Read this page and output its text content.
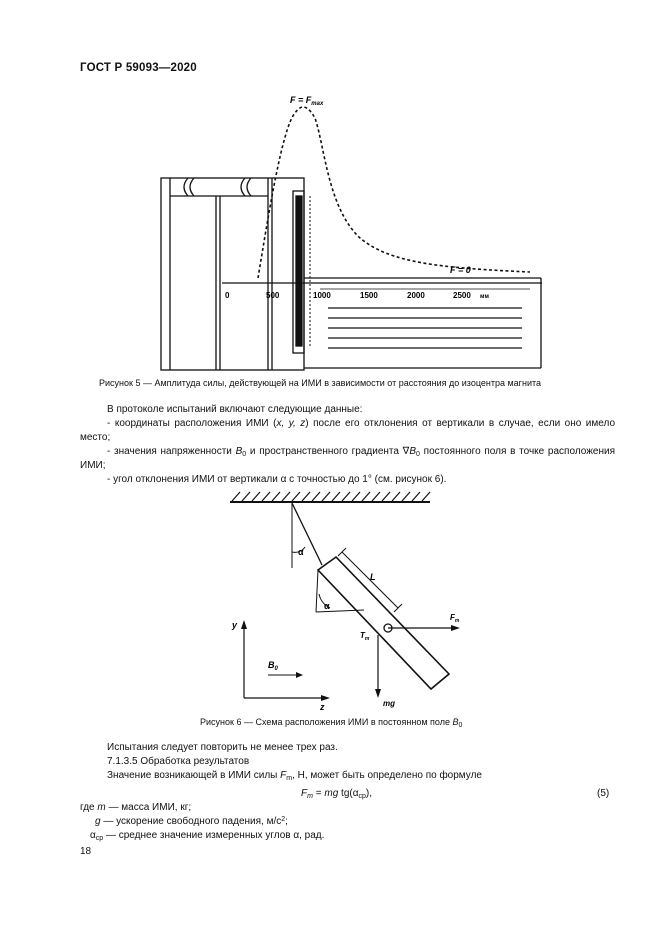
ГОСТ Р 59093—2020
$F = F_{max}$
F = 0
0	500	1000	1500	2000	2500 мм
Рисунок 5 — Амплитуда силы, действующей на ИМИ в зависимости от расстояния до изоцентра магнита
В протоколе испытаний включают следующие данные:
- координаты расположения ИМИ (x, y, z) после его отклонения от вертикали в случае, если оно имело место;
- значения напряженности $B_0$ и пространственного градиента $\nabla B_0$ постоянного поля в точке расположения ИМИ;
- угол отклонения ИМИ от вертикали α с точностью до 1° (см. рисунок 6).
α
α
L
$T_m$
$F_m$
mg
y
z
$B_0$
Рисунок 6 — Схема расположения ИМИ в постоянном поле $B_0$
Испытания следует повторить не менее трех раз.
7.1.3.5 Обработка результатов
Значение возникающей в ИМИ силы $F_m$, Н, может быть определено по формуле
$F_m$ = mg $tg(\alpha_{ср})$,	(5)
где m — масса ИМИ, кг;
g — ускорение свободного падения, $м/с^2$;
$\alpha_{ср}$ — среднее значение измеренных углов α, рад.
18
